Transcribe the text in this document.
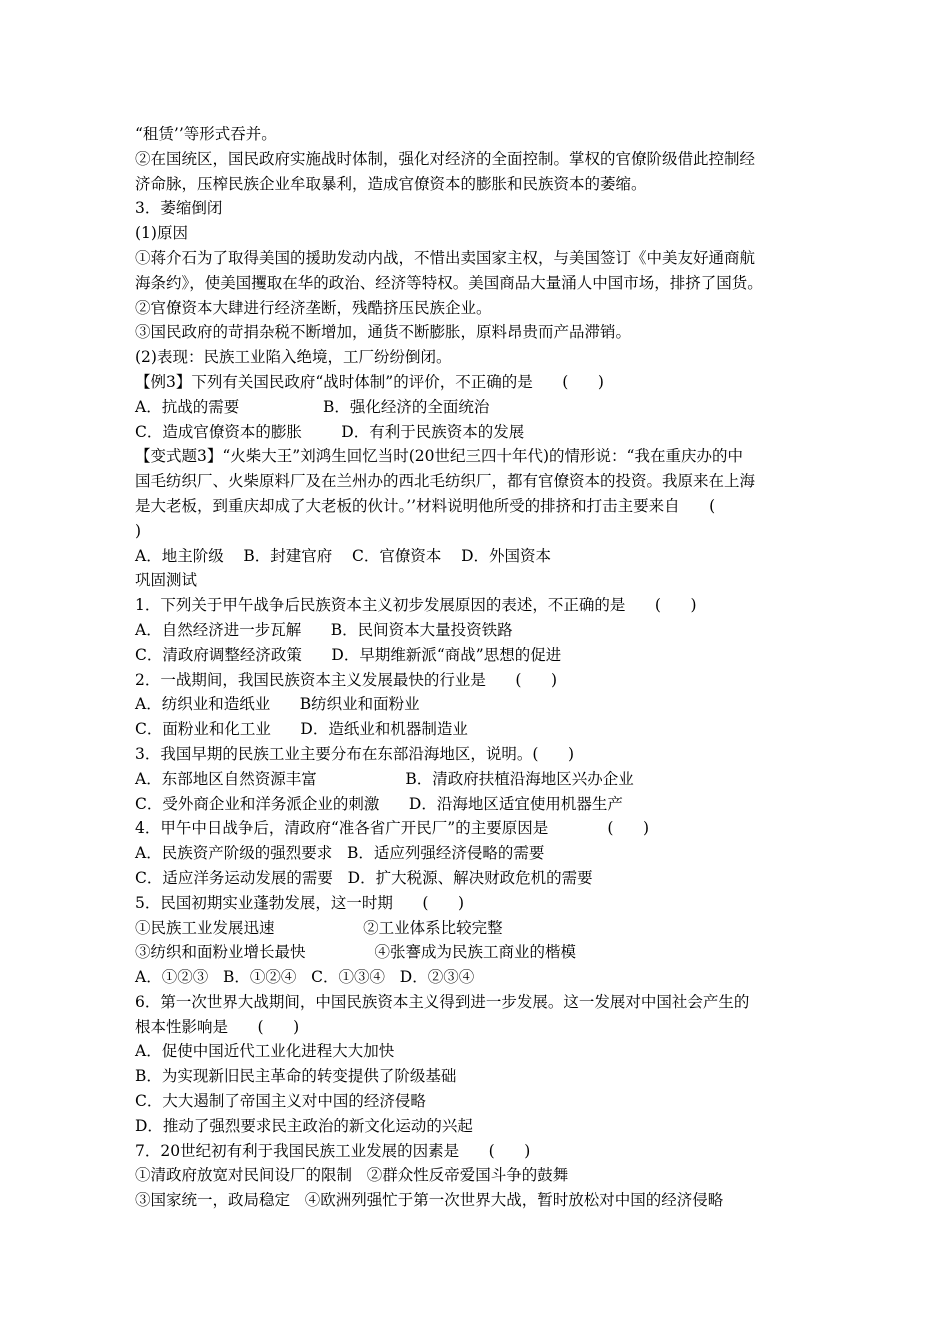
“租赁’’等形式吞并。
②在国统区，国民政府实施战时体制，强化对经济的全面控制。掌权的官僚阶级借此控制经
济命脉，压榨民族企业牟取暴利，造成官僚资本的膨胀和民族资本的萎缩。
3．萎缩倒闭
(1)原因
①蒋介石为了取得美国的援助发动内战，不惜出卖国家主权，与美国签订《中美友好通商航
海条约》，使美国攫取在华的政治、经济等特权。美国商品大量涌人中国市场，排挤了国货。
②官僚资本大肆进行经济垄断，残酷挤压民族企业。
③国民政府的苛捐杂税不断增加，通货不断膨胀，原料昂贵而产品滞销。
(2)表现：民族工业陷入绝境，工厂纷纷倒闭。
【例3】下列有关国民政府“战时体制”的评价，不正确的是      (      )
A．抗战的需要                 B．强化经济的全面统治
C．造成官僚资本的膨胀        D．有利于民族资本的发展
【变式题3】“火柴大王”刘鸿生回忆当时(20世纪三四十年代)的情形说：“我在重庆办的中
国毛纺织厂、火柴原料厂及在兰州办的西北毛纺织厂，都有官僚资本的投资。我原来在上海
是大老板，到重庆却成了大老板的伙计。’’材料说明他所受的排挤和打击主要来自      (
)
A．地主阶级    B．封建官府    C．官僚资本    D．外国资本
巩固测试
1．下列关于甲午战争后民族资本主义初步发展原因的表述，不正确的是      (      )
A．自然经济进一步瓦解      B．民间资本大量投资铁路
C．清政府调整经济政策      D．早期维新派“商战”思想的促进
2．一战期间，我国民族资本主义发展最快的行业是      (      )
A．纺织业和造纸业      B纺织业和面粉业
C．面粉业和化工业      D．造纸业和机器制造业
3．我国早期的民族工业主要分布在东部沿海地区，说明。(      )
A．东部地区自然资源丰富                  B．清政府扶植沿海地区兴办企业
C．受外商企业和洋务派企业的刺激      D．沿海地区适宜使用机器生产
4．甲午中日战争后，清政府“准各省广开民厂”的主要原因是            (      )
A．民族资产阶级的强烈要求   B．适应列强经济侵略的需要
C．适应洋务运动发展的需要   D．扩大税源、解决财政危机的需要
5．民国初期实业蓬勃发展，这一时期      (      )
①民族工业发展迅速                  ②工业体系比较完整
③纺织和面粉业增长最快              ④张謇成为民族工商业的楷模
A．①②③   B．①②④   C．①③④   D．②③④
6．第一次世界大战期间，中国民族资本主义得到进一步发展。这一发展对中国社会产生的
根本性影响是      (      )
A．促使中国近代工业化进程大大加快
B．为实现新旧民主革命的转变提供了阶级基础
C．大大遏制了帝国主义对中国的经济侵略
D．推动了强烈要求民主政治的新文化运动的兴起
7．20世纪初有利于我国民族工业发展的因素是      (      )
①清政府放宽对民间设厂的限制   ②群众性反帝爱国斗争的鼓舞
③国家统一，政局稳定   ④欧洲列强忙于第一次世界大战，暂时放松对中国的经济侵略
